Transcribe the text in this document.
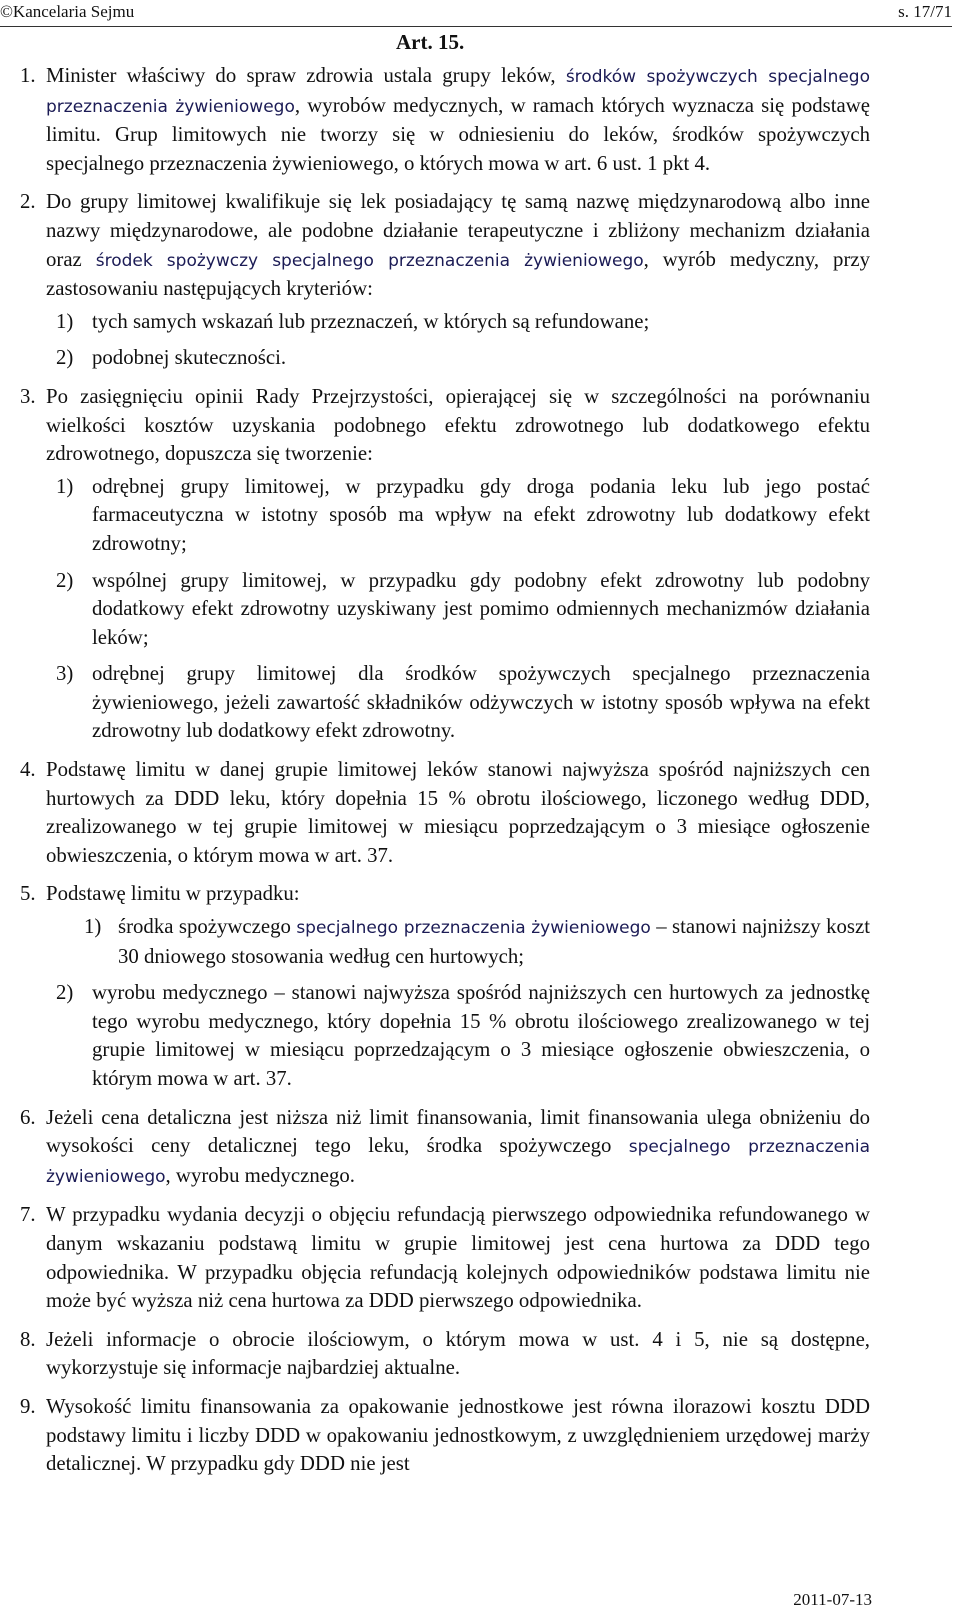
©Kancelaria Sejmu	s. 17/71
Art. 15.
1. Minister właściwy do spraw zdrowia ustala grupy leków, środków spożywczych specjalnego przeznaczenia żywieniowego, wyrobów medycznych, w ramach których wyznacza się podstawę limitu. Grup limitowych nie tworzy się w odniesieniu do leków, środków spożywczych specjalnego przeznaczenia żywieniowego, o których mowa w art. 6 ust. 1 pkt 4.
2. Do grupy limitowej kwalifikuje się lek posiadający tę samą nazwę międzynarodową albo inne nazwy międzynarodowe, ale podobne działanie terapeutyczne i zbliżony mechanizm działania oraz środek spożywczy specjalnego przeznaczenia żywieniowego, wyrób medyczny, przy zastosowaniu następujących kryteriów:
1) tych samych wskazań lub przeznaczeń, w których są refundowane;
2) podobnej skuteczności.
3. Po zasięgnięciu opinii Rady Przejrzystości, opierającej się w szczególności na porównaniu wielkości kosztów uzyskania podobnego efektu zdrowotnego lub dodatkowego efektu zdrowotnego, dopuszcza się tworzenie:
1) odrębnej grupy limitowej, w przypadku gdy droga podania leku lub jego postać farmaceutyczna w istotny sposób ma wpływ na efekt zdrowotny lub dodatkowy efekt zdrowotny;
2) wspólnej grupy limitowej, w przypadku gdy podobny efekt zdrowotny lub podobny dodatkowy efekt zdrowotny uzyskiwany jest pomimo odmiennych mechanizmów działania leków;
3) odrębnej grupy limitowej dla środków spożywczych specjalnego przeznaczenia żywieniowego, jeżeli zawartość składników odżywczych w istotny sposób wpływa na efekt zdrowotny lub dodatkowy efekt zdrowotny.
4. Podstawę limitu w danej grupie limitowej leków stanowi najwyższa spośród najniższych cen hurtowych za DDD leku, który dopełnia 15 % obrotu ilościowego, liczonego według DDD, zrealizowanego w tej grupie limitowej w miesiącu poprzedzającym o 3 miesiące ogłoszenie obwieszczenia, o którym mowa w art. 37.
5. Podstawę limitu w przypadku:
1) środka spożywczego specjalnego przeznaczenia żywieniowego – stanowi najniższy koszt 30 dniowego stosowania według cen hurtowych;
2) wyrobu medycznego – stanowi najwyższa spośród najniższych cen hurtowych za jednostkę tego wyrobu medycznego, który dopełnia 15 % obrotu ilościowego zrealizowanego w tej grupie limitowej w miesiącu poprzedzającym o 3 miesiące ogłoszenie obwieszczenia, o którym mowa w art. 37.
6. Jeżeli cena detaliczna jest niższa niż limit finansowania, limit finansowania ulega obniżeniu do wysokości ceny detalicznej tego leku, środka spożywczego specjalnego przeznaczenia żywieniowego, wyrobu medycznego.
7. W przypadku wydania decyzji o objęciu refundacją pierwszego odpowiednika refundowanego w danym wskazaniu podstawą limitu w grupie limitowej jest cena hurtowa za DDD tego odpowiednika. W przypadku objęcia refundacją kolejnych odpowiedników podstawa limitu nie może być wyższa niż cena hurtowa za DDD pierwszego odpowiednika.
8. Jeżeli informacje o obrocie ilościowym, o którym mowa w ust. 4 i 5, nie są dostępne, wykorzystuje się informacje najbardziej aktualne.
9. Wysokość limitu finansowania za opakowanie jednostkowe jest równa ilorazowi kosztu DDD podstawy limitu i liczby DDD w opakowaniu jednostkowym, z uwzględnieniem urzędowej marży detalicznej. W przypadku gdy DDD nie jest
2011-07-13
